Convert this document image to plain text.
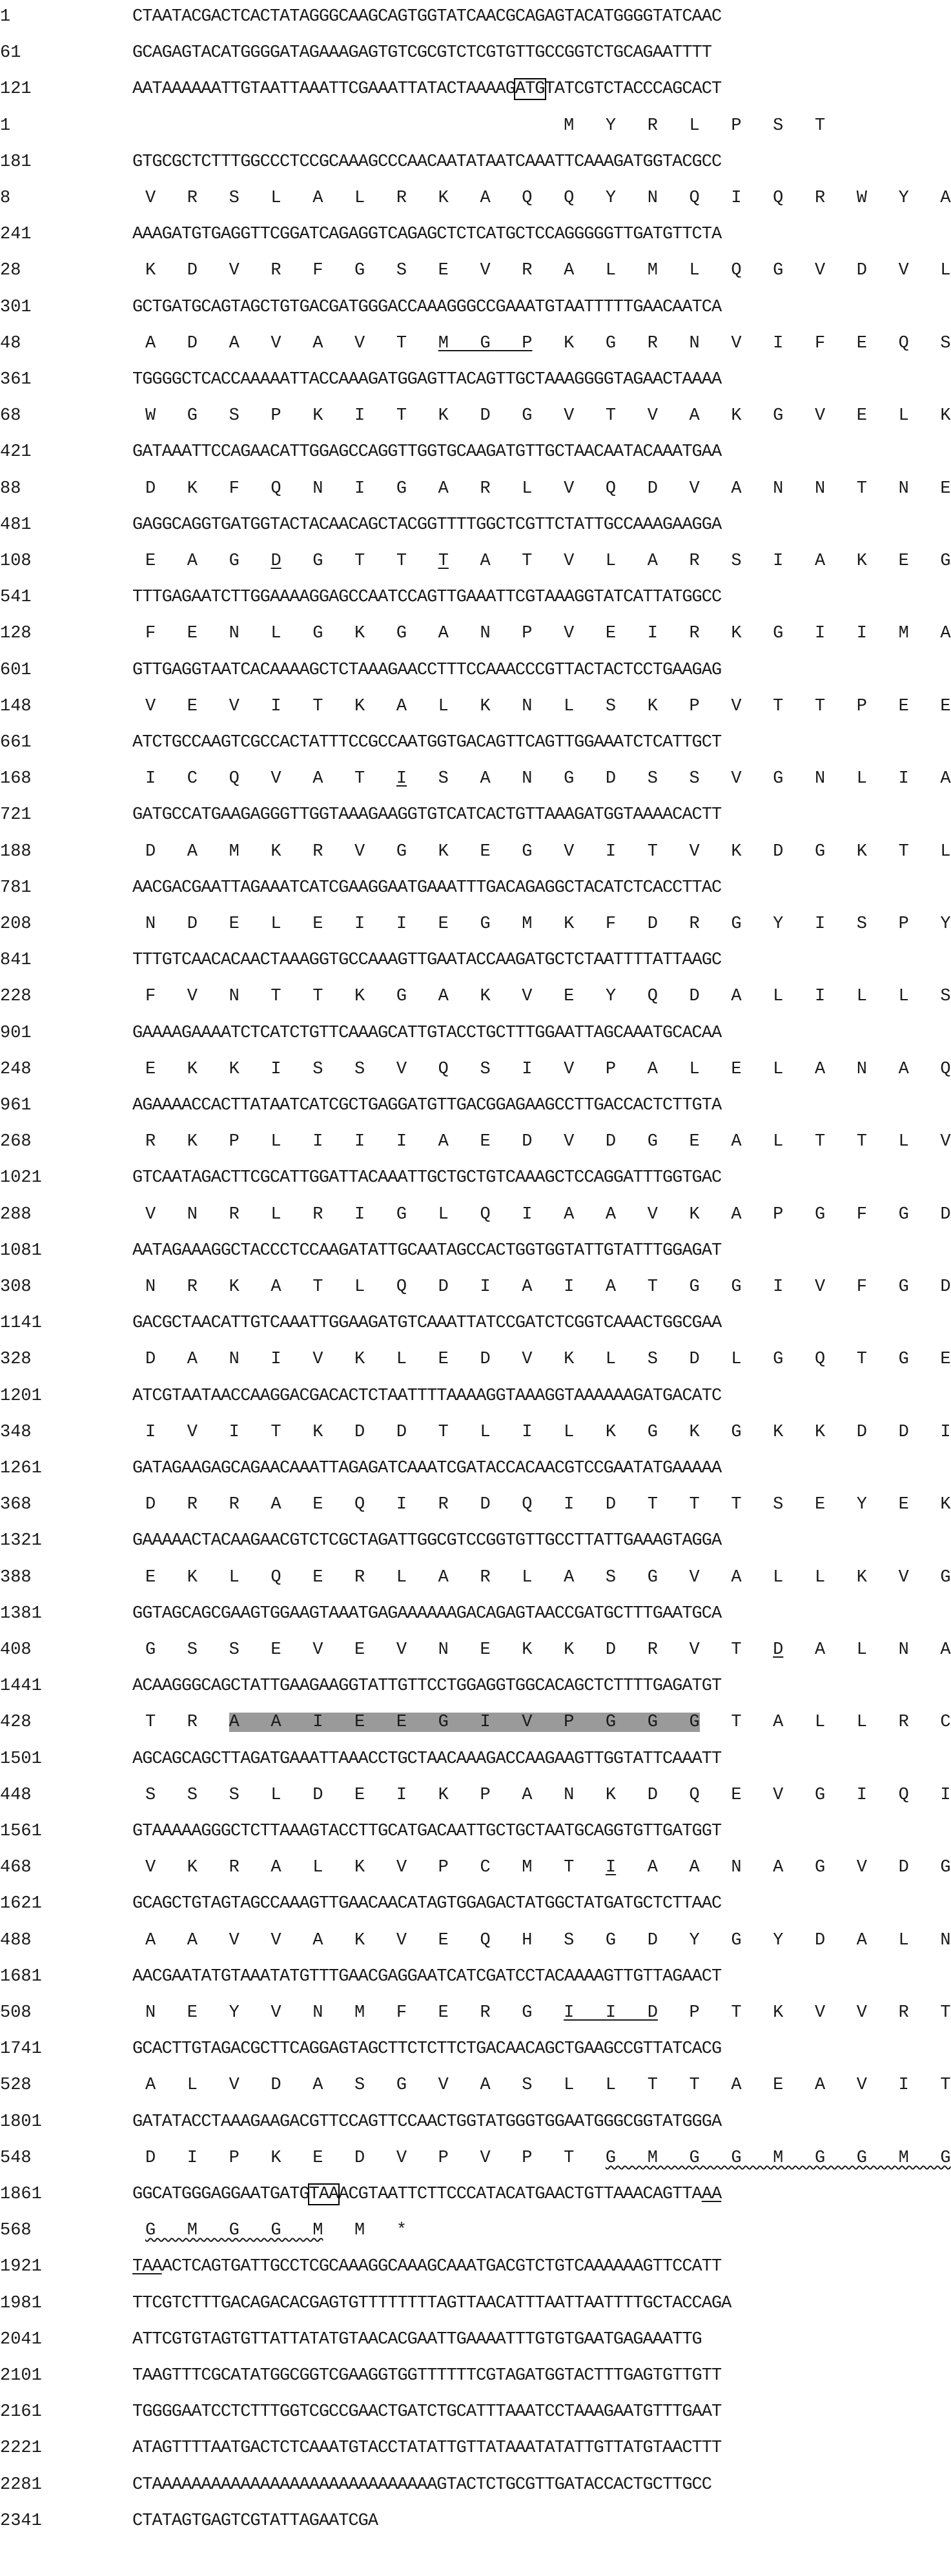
1	CTAATACGACTCACTATAGGGCAAGCAGTGGTATCAACGCAGAGTACATGGGGTATCAAC
61	GCAGAGTACATGGGGATAGAAAGAGTGTCGCGTCTCGTGTTGCCGGTCTGCAGAATTTT
121	AATAAAAAATTGTAATTAAATTCGAAATTATACTAAAAGATGTATCGTCTACCCAGCACT
1	M   Y   R   L   P   S   T
181	GTGCGCTCTTTGGCCCTCCGCAAAGCCCAACAATATAATCAAATTCAAAGATGGTACGCC
8	V   R   S   L   A   L   R   K   A   Q   Q   Y   N   Q   I   Q   R   W   Y   A
241	AAAGATGTGAGGTTCGGATCAGAGGTCAGAGCTCTCATGCTCCAGGGGGTTGATGTTCTA
28	K   D   V   R   F   G   S   E   V   R   A   L   M   L   Q   G   V   D   V   L
301	GCTGATGCAGTAGCTGTGACGATGGGACCAAAGGGCCGAAATGTAATTTTTGAACAATCA
48	A   D   A   V   A   V   T   M   G   P   K   G   R   N   V   I   F   E   Q   S
361	TGGGGCTCACCAAAAATTACCAAAGATGGAGTTACAGTTGCTAAAGGGGTAGAACTAAAA
68	W   G   S   P   K   I   T   K   D   G   V   T   V   A   K   G   V   E   L   K
421	GATAAATTCCAGAACATTGGAGCCAGGTTGGTGCAAGATGTTGCTAACAATACAAATGAA
88	D   K   F   Q   N   I   G   A   R   L   V   Q   D   V   A   N   N   T   N   E
481	GAGGCAGGTGATGGTACTACAACAGCTACGGTTTTGGCTCGTTCTATTGCCAAAGAAGGA
108	E   A   G   D   G   T   T   T   A   T   V   L   A   R   S   I   A   K   E   G
541	TTTGAGAATCTTGGAAAAGGAGCCAATCCAGTTGAAATTCGTAAAGGTATCATTATGGCC
128	F   E   N   L   G   K   G   A   N   P   V   E   I   R   K   G   I   I   M   A
601	GTTGAGGTAATCACAAAAGCTCTAAAGAACCTTTCCAAACCCGTTACTACTCCTGAAGAG
148	V   E   V   I   T   K   A   L   K   N   L   S   K   P   V   T   T   P   E   E
661	ATCTGCCAAGTCGCCACTATTTCCGCCAATGGTGACAGTTCAGTTGGAAATCTCATTGCT
168	I   C   Q   V   A   T   I   S   A   N   G   D   S   S   V   G   N   L   I   A
721	GATGCCATGAAGAGGGTTGGTAAAGAAGGTGTCATCACTGTTAAAGATGGTAAAACACTT
188	D   A   M   K   R   V   G   K   E   G   V   I   T   V   K   D   G   K   T   L
781	AACGACGAATTAGAAATCATCGAAGGAATGAAATTTGACAGAGGCTACATCTCACCTTAC
208	N   D   E   L   E   I   I   E   G   M   K   F   D   R   G   Y   I   S   P   Y
841	TTTGTCAACACAACTAAAGGTGCCAAAGTTGAATACCAAGATGCTCTAATTTTATTAAGC
228	F   V   N   T   T   K   G   A   K   V   E   Y   Q   D   A   L   I   L   L   S
901	GAAAAGAAAATCTCATCTGTTCAAAGCATTGTACCTGCTTTGGAATTAGCAAATGCACAA
248	E   K   K   I   S   S   V   Q   S   I   V   P   A   L   E   L   A   N   A   Q
961	AGAAAACCACTTATAATCATCGCTGAGGATGTTGACGGAGAAGCCTTGACCACTCTTGTA
268	R   K   P   L   I   I   I   A   E   D   V   D   G   E   A   L   T   T   L   V
1021	GTCAATAGACTTCGCATTGGATTACAAATTGCTGCTGTCAAAGCTCCAGGATTTGGTGAC
288	V   N   R   L   R   I   G   L   Q   I   A   A   V   K   A   P   G   F   G   D
1081	AATAGAAAGGCTACCCTCCAAGATATTGCAATAGCCACTGGTGGTATTGTATTTGGAGAT
308	N   R   K   A   T   L   Q   D   I   A   I   A   T   G   G   I   V   F   G   D
1141	GACGCTAACATTGTCAAATTGGAAGATGTCAAATTATCCGATCTCGGTCAAACTGGCGAA
328	D   A   N   I   V   K   L   E   D   V   K   L   S   D   L   G   Q   T   G   E
1201	ATCGTAATAACCAAGGACGACACTCTAATTTTAAAAGGTAAAGGTAAAAAAGATGACATC
348	I   V   I   T   K   D   D   T   L   I   L   K   G   K   G   K   K   D   D   I
1261	GATAGAAGAGCAGAACAAATTAGAGATCAAATCGATACCACAACGTCCGAATATGAAAAA
368	D   R   R   A   E   Q   I   R   D   Q   I   D   T   T   T   S   E   Y   E   K
1321	GAAAAACTACAAGAACGTCTCGCTAGATTGGCGTCCGGTGTTGCCTTATTGAAAGTAGGA
388	E   K   L   Q   E   R   L   A   R   L   A   S   G   V   A   L   L   K   V   G
1381	GGTAGCAGCGAAGTGGAAGTAAATGAGAAAAAAGACAGAGTAACCGATGCTTTGAATGCA
408	G   S   S   E   V   E   V   N   E   K   K   D   R   V   T   D   A   L   N   A
1441	ACAAGGGCAGCTATTGAAGAAGGTATTGTTCCTGGAGGTGGCACAGCTCTTTTGAGATGT
428	T   R   A   A   I   E   E   G   I   V   P   G   G   G   T   A   L   L   R   C
1501	AGCAGCAGCTTAGATGAAATTAAACCTGCTAACAAAGACCAAGAAGTTGGTATTCAAATT
448	S   S   S   L   D   E   I   K   P   A   N   K   D   Q   E   V   G   I   Q   I
1561	GTAAAAAGGGCTCTTAAAGTACCTTGCATGACAATTGCTGCTAATGCAGGTGTTGATGGT
468	V   K   R   A   L   K   V   P   C   M   T   I   A   A   N   A   G   V   D   G
1621	GCAGCTGTAGTAGCCAAAGTTGAACAACATAGTGGAGACTATGGCTATGATGCTCTTAAC
488	A   A   V   V   A   K   V   E   Q   H   S   G   D   Y   G   Y   D   A   L   N
1681	AACGAATATGTAAATATGTTTGAACGAGGAATCATCGATCCTACAAAAGTTGTTAGAACT
508	N   E   Y   V   N   M   F   E   R   G   I   I   D   P   T   K   V   V   R   T
1741	GCACTTGTAGACGCTTCAGGAGTAGCTTCTCTTCTGACAACAGCTGAAGCCGTTATCACG
528	A   L   V   D   A   S   G   V   A   S   L   L   T   T   A   E   A   V   I   T
1801	GATATACCTAAAGAAGACGTTCCAGTTCCAACTGGTATGGGTGGAATGGGCGGTATGGGA
548	D   I   P   K   E   D   V   P   V   P   T   G   M   G   G   M   G   G   M   G
1861	GGCATGGGAGGAATGATGTAAACGTAATTCTTCCCATACATGAACTGTTAAACAGTTAAA
568	G   M   G   G   M   M   *
1921	TAAACTCAGTGATTGCCTCGCAAAGGCAAAGCAAATGACGTCTGTCAAAAAAGTTCCATT
1981	TTCGTCTTTGACAGACACGAGTGTTTTTTTTAGTTAACATTTAATTAATTTTGCTACCAGA
2041	ATTCGTGTAGTGTTATTATATGTAACACGAATTGAAAATTTGTGTGAATGAGAAATTG
2101	TAAGTTTCGCATATGGCGGTCGAAGGTGGTTTTTTCGTAGATGGTACTTTGAGTGTTGTT
2161	TGGGGAATCCTCTTTGGTCGCCGAACTGATCTGCATTTAAATCCTAAAGAATGTTTGAAT
2221	ATAGTTTTAATGACTCTCAAATGTACCTATATTGTTATAAATATATTGTTATGTAACTTT
2281	CTAAAAAAAAAAAAAAAAAAAAAAAAAAAAAGTACTCTGCGTTGATACCACTGCTTGCC
2341	CTATAGTGAGTCGTATTAGAATCGA
